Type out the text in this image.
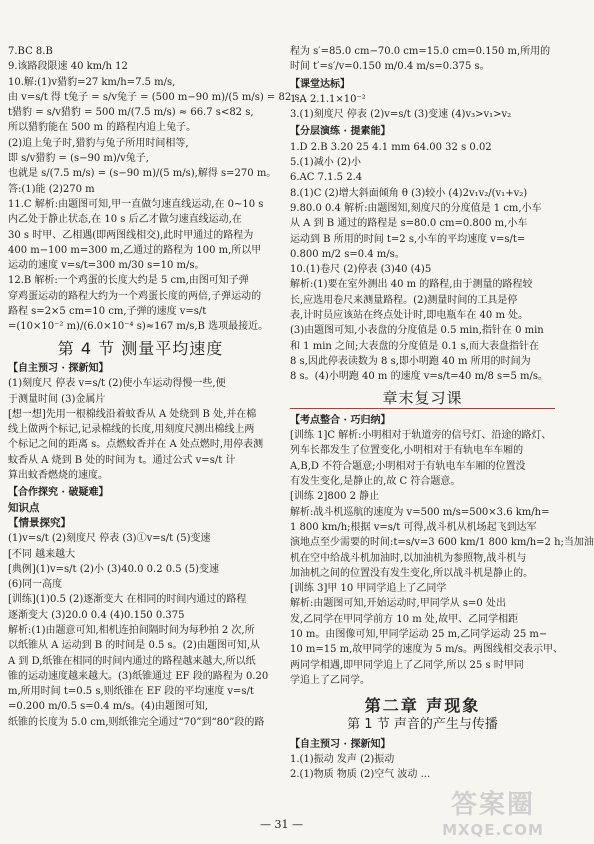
7.BC 8.B
9.该路段限速 40 km/h 12
10.解:(1)v猎豹=27 km/h=7.5 m/s,
由 v=s/t 得 t兔子 = s/v兔子 = (500 m−90 m)/(5 m/s) = 82 s,
t猎豹 = s/v猎豹 = 500 m/(7.5 m/s) ≈ 66.7 s<82 s,
所以猎豹能在 500 m 的路程内追上兔子。
(2)追上兔子时,猎豹与兔子所用时间相等,
即 s/v猎豹 = (s−90 m)/v兔子,
也就是 s/(7.5 m/s) = (s−90 m)/(5 m/s),解得 s=270 m。
答:(1)能 (2)270 m
11.C 解析:由题图可知,甲一直做匀速直线运动,在 0~10 s
内乙处于静止状态,在 10 s 后乙才做匀速直线运动,在
30 s 时甲、乙相遇(即两图线相交),此时甲通过的路程为
400 m−100 m=300 m,乙通过的路程为 100 m,所以甲
运动的速度 v=s/t=300 m/30 s=10 m/s。
12.B 解析:一个鸡蛋的长度大约是 5 cm,由图可知子弹
穿鸡蛋运动的路程大约为一个鸡蛋长度的两倍,子弹运动的
路程 s=2×5 cm=10 cm,子弹的速度 v=s/t
=(10×10⁻² m)/(6.0×10⁻⁴ s)≈167 m/s,B 选项最接近。
第 4 节 测量平均速度
【自主预习 · 探新知】
(1)刻度尺 停表 v=s/t (2)使小车运动得慢一些,便
于测量时间 (3)金属片
[想一想]先用一根棉线沿着蚊香从 A 处绕到 B 处,并在棉
线上做两个标记,记录棉线的长度,用刻度尺测出棉线上两
个标记之间的距离 s。点燃蚊香并在 A 处点燃时,用停表测
蚊香从 A 烧到 B 处的时间为 t。通过公式 v=s/t 计
算出蚊香燃烧的速度。
【合作探究 · 破疑难】
知识点
【情景探究】
(1)v=s/t (2)刻度尺 停表 (3)①v=s/t (5)变速
[不同 越来越大
[典例](1)v=s/t (2)小 (3)40.0 0.2 0.5 (5)变速
(6)同一高度
[训练](1)0.5 (2)逐渐变大 在相同的时间内通过的路程
逐渐变大 (3)20.0 0.4 (4)0.150 0.375
解析:(1)由题意可知,相机连拍间隔时间为每秒拍 2 次,所
以纸锥从 A 运动到 B 的时间是 0.5 s。(2)由题图可知,从
A 到 D,纸锥在相同的时间内通过的路程越来越大,所以纸
锥的运动速度越来越大。(3)纸锥通过 EF 段的路程为 0.20
m,所用时间 t=0.5 s,则纸锥在 EF 段的平均速度 v=s/t
=0.200 m/0.5 s=0.4 m/s。(4)由题图可知,
纸锥的长度为 5.0 cm,则纸锥完全通过“70”到“80”段的路
程为 s′=85.0 cm−70.0 cm=15.0 cm=0.150 m,所用的
时间 t′=s′/v=0.150 m/0.4 m/s=0.375 s。
【课堂达标】
1.A 2.1.1×10⁻²
3.(1)刻度尺 停表 (2)v=s/t (3)变速 (4)v₃>v₁>v₂
【分层演练 · 提素能】
1.D 2.B 3.20 25 4.1 mm 64.00 32 s 0.02
5.(1)减小 (2)小
6.AC 7.1.5 2.4
8.(1)C (2)增大斜面倾角 θ (3)较小 (4)2v₁v₂/(v₁+v₂)
9.80.0 0.4 解析:由题图知,刻度尺的分度值是 1 cm,小车
从 A 到 B 通过的路程是 s=80.0 cm=0.800 m,小车
运动到 B 所用的时间 t=2 s,小车的平均速度 v=s/t=
0.800 m/2 s=0.4 m/s。
10.(1)卷尺 (2)停表 (3)40 (4)5
解析:(1)要在室外测出 40 m 的路程,由于测量的路程较
长,应选用卷尺来测量路程。(2)测量时间的工具是停
表,计时员应该站在终点处计时,即电瓶车在 40 m 处。
(3)由题图可知,小表盘的分度值是 0.5 min,指针在 0 min
和 1 min 之间;大表盘的分度值是 0.1 s,而大表盘指针在
8 s,因此停表读数为 8 s,即小明跑 40 m 所用的时间为
8 s。(4)小明跑 40 m 的速度 v=s/t=40 m/8 s=5 m/s。
章末复习课
【考点整合 · 巧归纳】
[训练 1]C 解析:小明相对于轨道旁的信号灯、沿途的路灯、
列车长都发生了位置变化,小明相对于有轨电车车厢的
A,B,D 不符合题意;小明相对于有轨电车车厢的位置没
有发生变化,是静止的,故 C 符合题意。
[训练 2]800 2 静止
解析:战斗机巡航的速度为 v=500 m/s=500×3.6 km/h=
1 800 km/h;根据 v=s/t 可得,战斗机从机场起飞到达军
演地点至少需要的时间:t=s/v=3 600 km/1 800 km/h=2 h;当加油
机在空中给战斗机加油时,以加油机为参照物,战斗机与
加油机之间的位置没有发生变化,所以战斗机是静止的。
[训练 3]甲 10 甲同学追上了乙同学
解析:由题图可知,开始运动时,甲同学从 s=0 处出
发,乙同学在甲同学前方 10 m 处,故甲、乙同学相距
10 m。由图像可知,甲同学运动 25 m,乙同学运动 25 m−
10 m=15 m,故甲同学的速度为 5 m/s。两图线相交表示甲、
两同学相遇,即甲同学追上了乙同学,所以 25 s 时甲同
学追上了乙同学。
第二章 声现象
第 1 节 声音的产生与传播
【自主预习 · 探新知】
1.(1)振动 发声 (2)振动
2.(1)物质 物质 (2)空气 波动 ...
— 31 —
答案圈
MXQE.COM
